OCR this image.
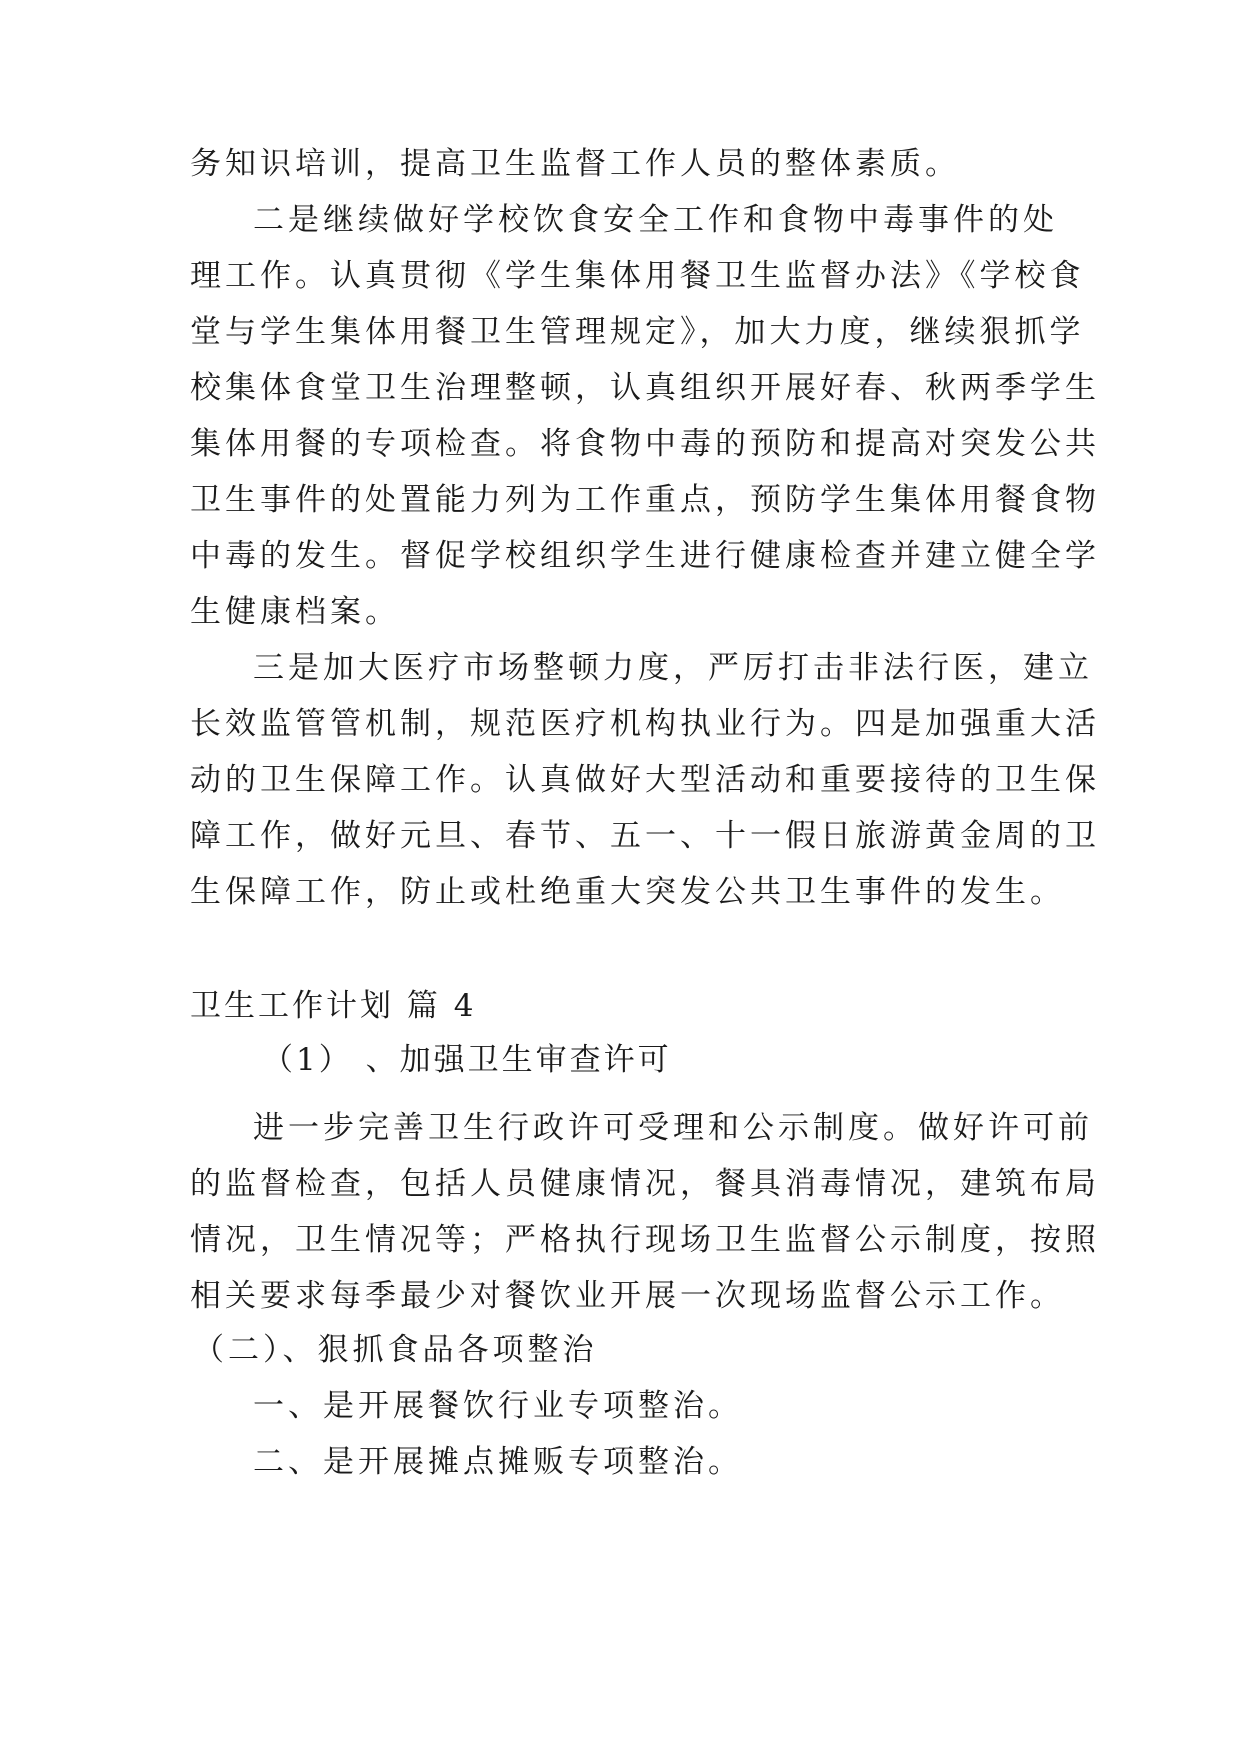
务知识培训，提高卫生监督工作人员的整体素质。
二是继续做好学校饮食安全工作和食物中毒事件的处
理工作。认真贯彻《学生集体用餐卫生监督办法》《学校食
堂与学生集体用餐卫生管理规定》，加大力度，继续狠抓学
校集体食堂卫生治理整顿，认真组织开展好春、秋两季学生
集体用餐的专项检查。将食物中毒的预防和提高对突发公共
卫生事件的处置能力列为工作重点，预防学生集体用餐食物
中毒的发生。督促学校组织学生进行健康检查并建立健全学
生健康档案。
三是加大医疗市场整顿力度，严厉打击非法行医，建立
长效监管管机制，规范医疗机构执业行为。四是加强重大活
动的卫生保障工作。认真做好大型活动和重要接待的卫生保
障工作，做好元旦、春节、五一、十一假日旅游黄金周的卫
生保障工作，防止或杜绝重大突发公共卫生事件的发生。
卫生工作计划 篇 4
（1） 、加强卫生审查许可
进一步完善卫生行政许可受理和公示制度。做好许可前
的监督检查，包括人员健康情况，餐具消毒情况，建筑布局
情况，卫生情况等；严格执行现场卫生监督公示制度，按照
相关要求每季最少对餐饮业开展一次现场监督公示工作。
（二）、狠抓食品各项整治
一、是开展餐饮行业专项整治。
二、是开展摊点摊贩专项整治。
